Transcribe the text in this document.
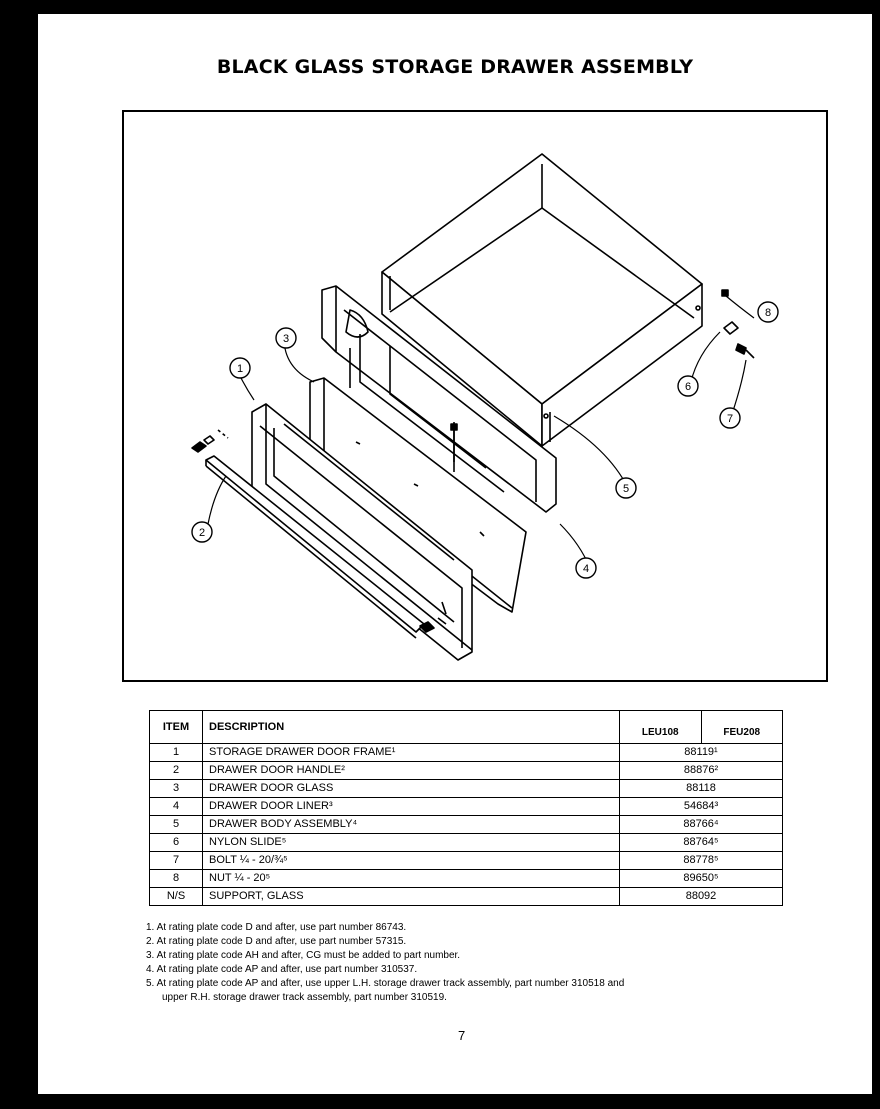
BLACK GLASS STORAGE DRAWER ASSEMBLY
1
2
3
4
5
6
7
8
ITEM	DESCRIPTION	LEU108	FEU208
1	STORAGE DRAWER DOOR FRAME¹	88119¹	
2	DRAWER DOOR HANDLE²	88876²	
3	DRAWER DOOR GLASS	88118	
4	DRAWER DOOR LINER³	54684³	
5	DRAWER BODY ASSEMBLY⁴	88766⁴	
6	NYLON SLIDE⁵	88764⁵	
7	BOLT ¼ - 20/¾⁵	88778⁵	
8	NUT ¼ - 20⁵	89650⁵	
N/S	SUPPORT, GLASS	88092	
1. At rating plate code D and after, use part number 86743.
2. At rating plate code D and after, use part number 57315.
3. At rating plate code AH and after, CG must be added to part number.
4. At rating plate code AP and after, use part number 310537.
5. At rating plate code AP and after, use upper L.H. storage drawer track assembly, part number 310518 and
upper R.H. storage drawer track assembly, part number 310519.
7
